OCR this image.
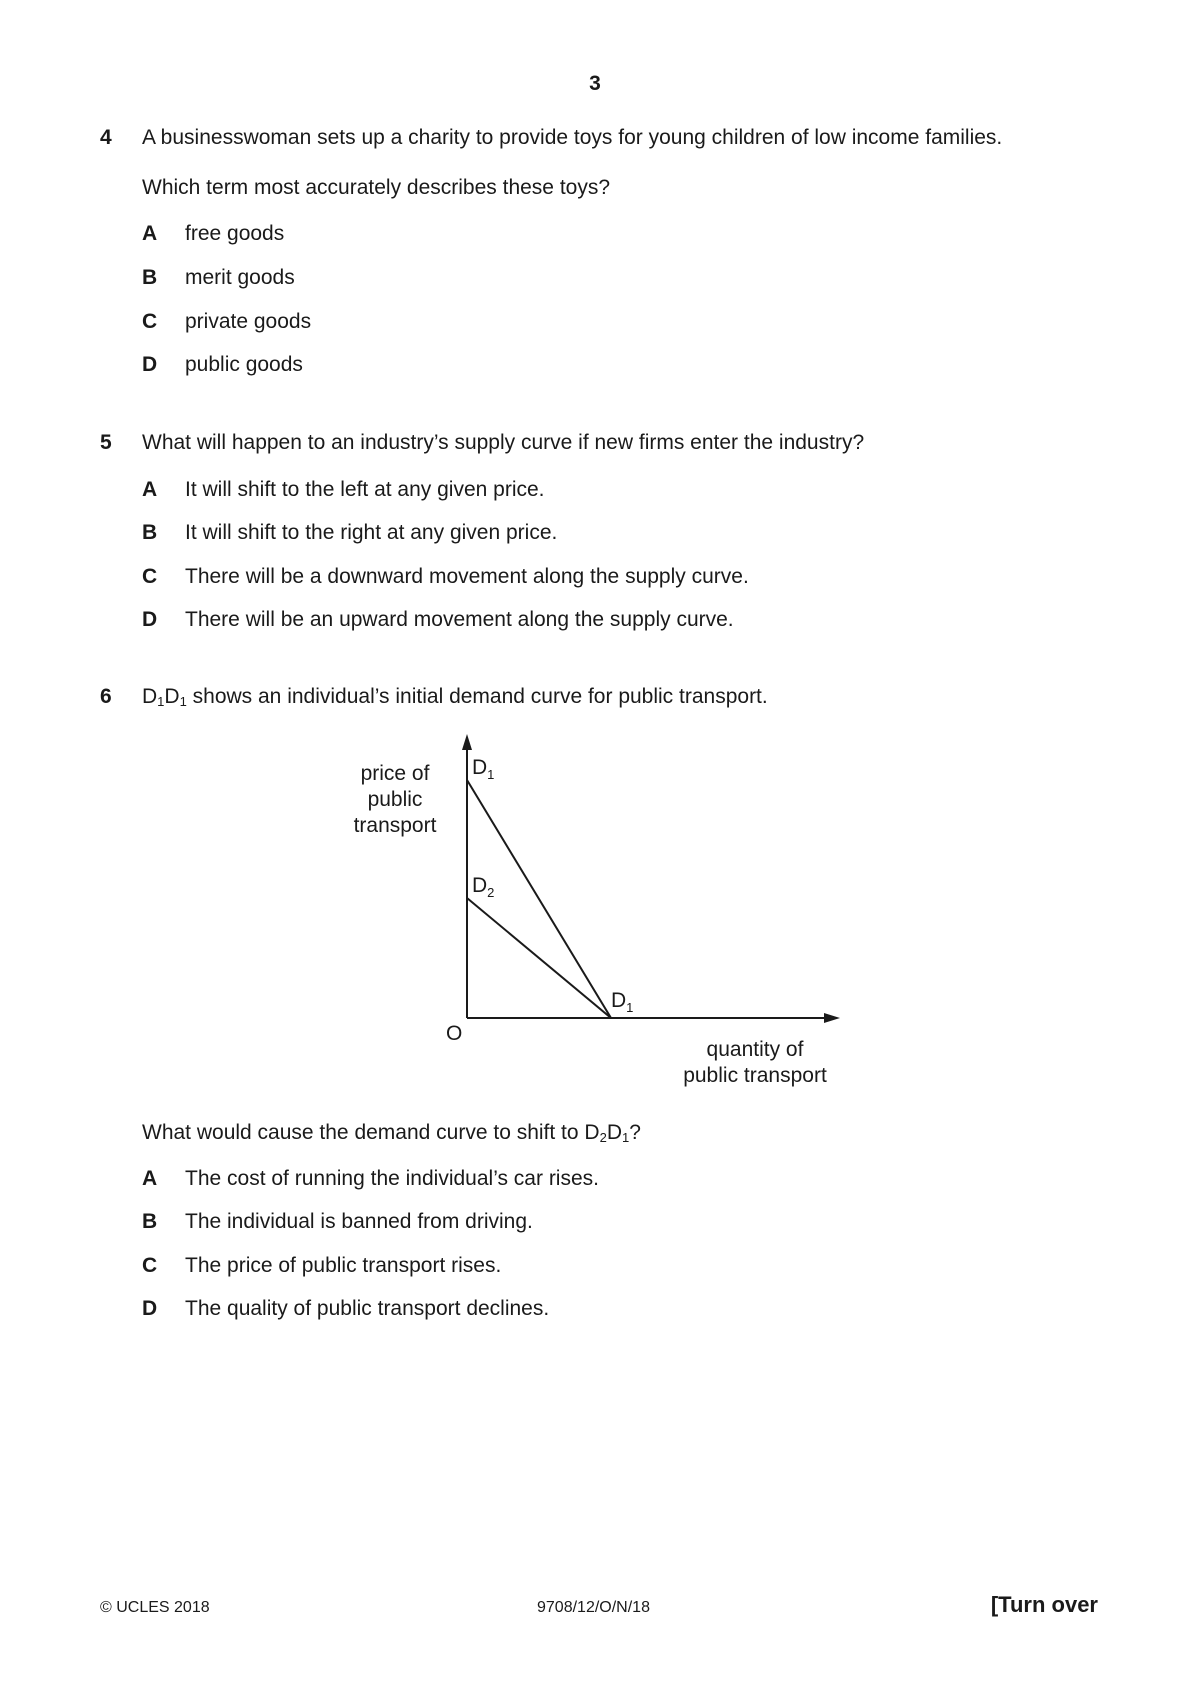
3
4 A businesswoman sets up a charity to provide toys for young children of low income families.
Which term most accurately describes these toys?
A free goods
B merit goods
C private goods
D public goods
5 What will happen to an industry’s supply curve if new firms enter the industry?
A It will shift to the left at any given price.
B It will shift to the right at any given price.
C There will be a downward movement along the supply curve.
D There will be an upward movement along the supply curve.
6 $D_1D_1$ shows an individual’s initial demand curve for public transport.
price of
public
transport
quantity of
public transport
O
$D_1$
$D_2$
$D_1$
What would cause the demand curve to shift to $D_2D_1$?
A The cost of running the individual’s car rises.
B The individual is banned from driving.
C The price of public transport rises.
D The quality of public transport declines.
© UCLES 2018	9708/12/O/N/18	[Turn over
